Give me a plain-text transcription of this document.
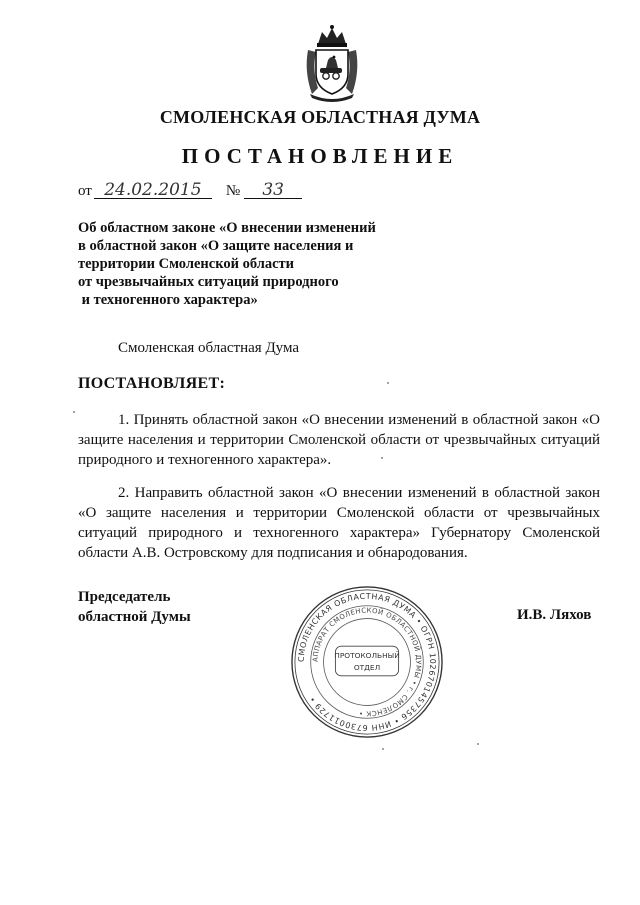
СМОЛЕНСКАЯ ОБЛАСТНАЯ ДУМА
ПОСТАНОВЛЕНИЕ
от 24.02.2015 № 33
Об областном законе «О внесении изменений
в областной закон «О защите населения и
территории Смоленской области
от чрезвычайных ситуаций природного
и техногенного характера»
Смоленская областная Дума
ПОСТАНОВЛЯЕТ:
1. Принять областной закон «О внесении изменений в областной закон «О защите населения и территории Смоленской области от чрезвычайных ситуаций природного и техногенного характера».
2. Направить областной закон «О внесении изменений в областной закон «О защите населения и территории Смоленской области от чрезвычайных ситуаций природного и техногенного характера» Губернатору Смоленской области А.В. Островскому для подписания и обнародования.
Председатель
областной Думы	И.В. Ляхов
СМОЛЕНСКАЯ ОБЛАСТНАЯ ДУМА • ОГРН 1026701457356 • ИНН 6730011729 •
АППАРАТ СМОЛЕНСКОЙ ОБЛАСТНОЙ ДУМЫ • г. СМОЛЕНСК •
ПРОТОКОЛЬНЫЙ
ОТДЕЛ
